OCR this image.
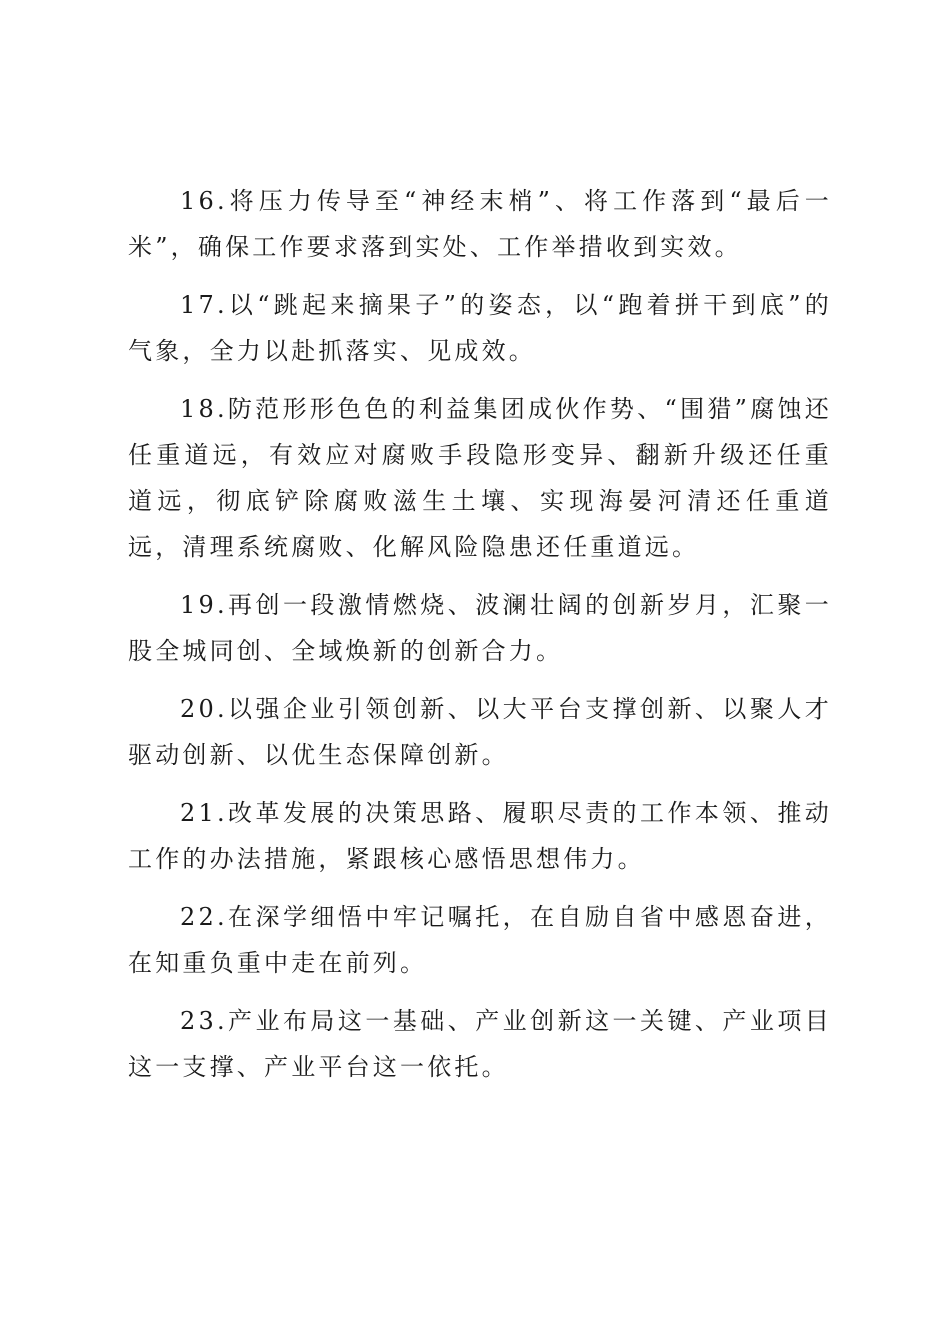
16.将压力传导至“神经末梢”、将工作落到“最后一米”，确保工作要求落到实处、工作举措收到实效。

17.以“跳起来摘果子”的姿态，以“跑着拼干到底”的气象，全力以赴抓落实、见成效。

18.防范形形色色的利益集团成伙作势、“围猎”腐蚀还任重道远，有效应对腐败手段隐形变异、翻新升级还任重道远，彻底铲除腐败滋生土壤、实现海晏河清还任重道远，清理系统腐败、化解风险隐患还任重道远。

19.再创一段激情燃烧、波澜壮阔的创新岁月，汇聚一股全城同创、全域焕新的创新合力。

20.以强企业引领创新、以大平台支撑创新、以聚人才驱动创新、以优生态保障创新。

21.改革发展的决策思路、履职尽责的工作本领、推动工作的办法措施，紧跟核心感悟思想伟力。

22.在深学细悟中牢记嘱托，在自励自省中感恩奋进，在知重负重中走在前列。

23.产业布局这一基础、产业创新这一关键、产业项目这一支撑、产业平台这一依托。
